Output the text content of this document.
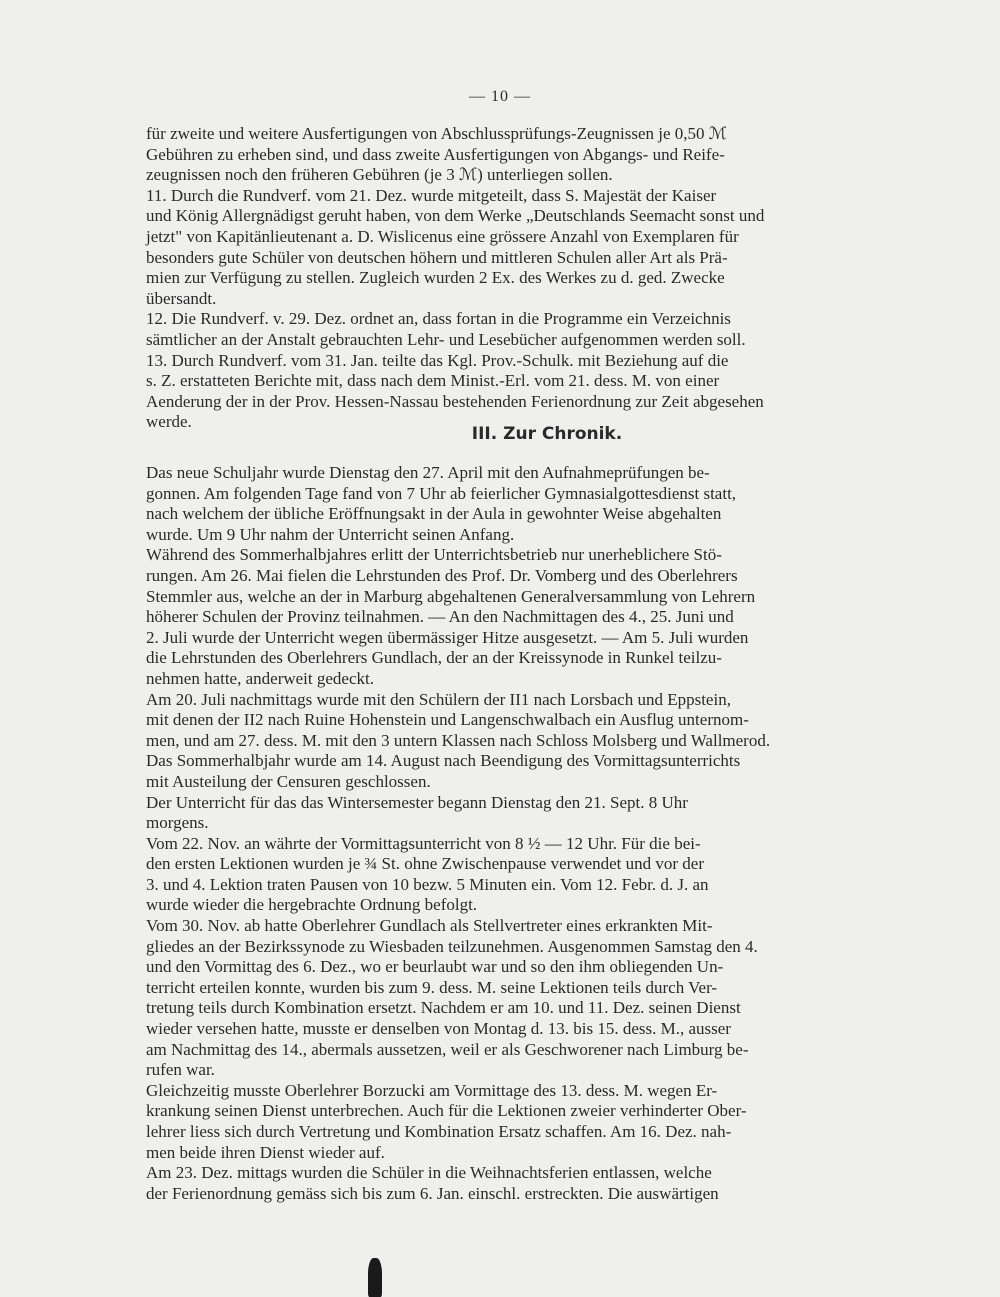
— 10 —
für zweite und weitere Ausfertigungen von Abschlussprüfungs-Zeugnissen je 0,50 ℳ
Gebühren zu erheben sind, und dass zweite Ausfertigungen von Abgangs- und Reife-
zeugnissen noch den früheren Gebühren (je 3 ℳ) unterliegen sollen.
11. Durch die Rundverf. vom 21. Dez. wurde mitgeteilt, dass S. Majestät der Kaiser
und König Allergnädigst geruht haben, von dem Werke „Deutschlands Seemacht sonst und
jetzt" von Kapitänlieutenant a. D. Wislicenus eine grössere Anzahl von Exemplaren für
besonders gute Schüler von deutschen höhern und mittleren Schulen aller Art als Prä-
mien zur Verfügung zu stellen. Zugleich wurden 2 Ex. des Werkes zu d. ged. Zwecke
übersandt.
12. Die Rundverf. v. 29. Dez. ordnet an, dass fortan in die Programme ein Verzeichnis
sämtlicher an der Anstalt gebrauchten Lehr- und Lesebücher aufgenommen werden soll.
13. Durch Rundverf. vom 31. Jan. teilte das Kgl. Prov.-Schulk. mit Beziehung auf die
s. Z. erstatteten Berichte mit, dass nach dem Minist.-Erl. vom 21. dess. M. von einer
Aenderung der in der Prov. Hessen-Nassau bestehenden Ferienordnung zur Zeit abgesehen
werde.
III. Zur Chronik.
Das neue Schuljahr wurde Dienstag den 27. April mit den Aufnahmeprüfungen be-
gonnen. Am folgenden Tage fand von 7 Uhr ab feierlicher Gymnasialgottesdienst statt,
nach welchem der übliche Eröffnungsakt in der Aula in gewohnter Weise abgehalten
wurde. Um 9 Uhr nahm der Unterricht seinen Anfang.
Während des Sommerhalbjahres erlitt der Unterrichtsbetrieb nur unerheblichere Stö-
rungen. Am 26. Mai fielen die Lehrstunden des Prof. Dr. Vomberg und des Oberlehrers
Stemmler aus, welche an der in Marburg abgehaltenen Generalversammlung von Lehrern
höherer Schulen der Provinz teilnahmen. — An den Nachmittagen des 4., 25. Juni und
2. Juli wurde der Unterricht wegen übermässiger Hitze ausgesetzt. — Am 5. Juli wurden
die Lehrstunden des Oberlehrers Gundlach, der an der Kreissynode in Runkel teilzu-
nehmen hatte, anderweit gedeckt.
Am 20. Juli nachmittags wurde mit den Schülern der II1 nach Lorsbach und Eppstein,
mit denen der II2 nach Ruine Hohenstein und Langenschwalbach ein Ausflug unternom-
men, und am 27. dess. M. mit den 3 untern Klassen nach Schloss Molsberg und Wallmerod.
Das Sommerhalbjahr wurde am 14. August nach Beendigung des Vormittagsunterrichts
mit Austeilung der Censuren geschlossen.
Der Unterricht für das das Wintersemester begann Dienstag den 21. Sept. 8 Uhr
morgens.
Vom 22. Nov. an währte der Vormittagsunterricht von 8 ½ — 12 Uhr. Für die bei-
den ersten Lektionen wurden je ¾ St. ohne Zwischenpause verwendet und vor der
3. und 4. Lektion traten Pausen von 10 bezw. 5 Minuten ein. Vom 12. Febr. d. J. an
wurde wieder die hergebrachte Ordnung befolgt.
Vom 30. Nov. ab hatte Oberlehrer Gundlach als Stellvertreter eines erkrankten Mit-
gliedes an der Bezirkssynode zu Wiesbaden teilzunehmen. Ausgenommen Samstag den 4.
und den Vormittag des 6. Dez., wo er beurlaubt war und so den ihm obliegenden Un-
terricht erteilen konnte, wurden bis zum 9. dess. M. seine Lektionen teils durch Ver-
tretung teils durch Kombination ersetzt. Nachdem er am 10. und 11. Dez. seinen Dienst
wieder versehen hatte, musste er denselben von Montag d. 13. bis 15. dess. M., ausser
am Nachmittag des 14., abermals aussetzen, weil er als Geschworener nach Limburg be-
rufen war.
Gleichzeitig musste Oberlehrer Borzucki am Vormittage des 13. dess. M. wegen Er-
krankung seinen Dienst unterbrechen. Auch für die Lektionen zweier verhinderter Ober-
lehrer liess sich durch Vertretung und Kombination Ersatz schaffen. Am 16. Dez. nah-
men beide ihren Dienst wieder auf.
Am 23. Dez. mittags wurden die Schüler in die Weihnachtsferien entlassen, welche
der Ferienordnung gemäss sich bis zum 6. Jan. einschl. erstreckten. Die auswärtigen
